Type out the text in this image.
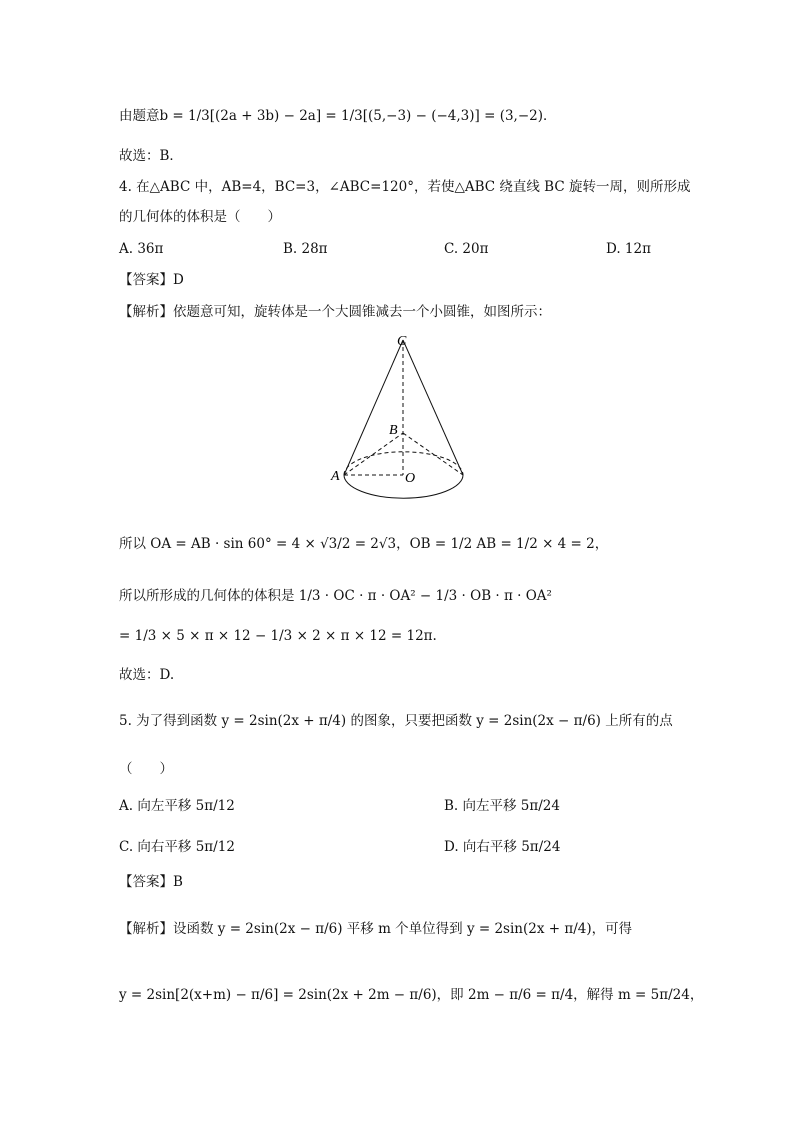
由题意b = 1/3[(2a + 3b) − 2a] = 1/3[(5,−3) − (−4,3)] = (3,−2)．
故选：B．
4. 在△ABC 中，AB=4，BC=3，∠ABC=120°，若使△ABC 绕直线 BC 旋转一周，则所形成
的几何体的体积是（　　）
A. 36π	B. 28π	C. 20π	D. 12π
【答案】D
【解析】依题意可知，旋转体是一个大圆锥减去一个小圆锥，如图所示：
C
B
A	O
所以 OA = AB · sin 60° = 4 × √3/2 = 2√3，OB = 1/2 AB = 1/2 × 4 = 2，
所以所形成的几何体的体积是 1/3 · OC · π · OA² − 1/3 · OB · π · OA²
= 1/3 × 5 × π × 12 − 1/3 × 2 × π × 12 = 12π.
故选：D.
5. 为了得到函数 y = 2sin(2x + π/4) 的图象，只要把函数 y = 2sin(2x − π/6) 上所有的点
（　　）
A. 向左平移 5π/12	B. 向左平移 5π/24
C. 向右平移 5π/12	D. 向右平移 5π/24
【答案】B
【解析】设函数 y = 2sin(2x − π/6) 平移 m 个单位得到 y = 2sin(2x + π/4)，可得
y = 2sin[2(x+m) − π/6] = 2sin(2x + 2m − π/6)，即 2m − π/6 = π/4，解得 m = 5π/24，
